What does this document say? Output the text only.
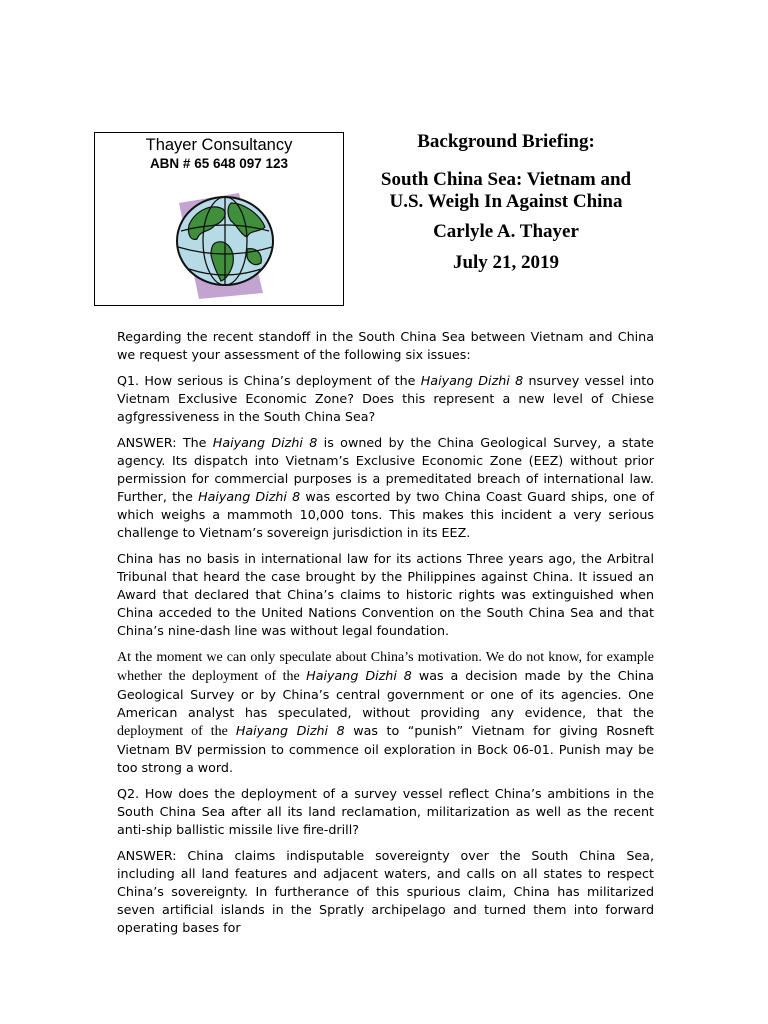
Thayer Consultancy
ABN # 65 648 097 123
Background Briefing:
South China Sea: Vietnam and
U.S. Weigh In Against China
Carlyle A. Thayer
July 21, 2019

Regarding the recent standoff in the South China Sea between Vietnam and China we request your assessment of the following six issues:

Q1. How serious is China’s deployment of the Haiyang Dizhi 8 nsurvey vessel into Vietnam Exclusive Economic Zone? Does this represent a new level of Chiese agfgressiveness in the South China Sea?

ANSWER: The Haiyang Dizhi 8 is owned by the China Geological Survey, a state agency. Its dispatch into Vietnam’s Exclusive Economic Zone (EEZ) without prior permission for commercial purposes is a premeditated breach of international law. Further, the Haiyang Dizhi 8 was escorted by two China Coast Guard ships, one of which weighs a mammoth 10,000 tons. This makes this incident a very serious challenge to Vietnam’s sovereign jurisdiction in its EEZ.

China has no basis in international law for its actions Three years ago, the Arbitral Tribunal that heard the case brought by the Philippines against China. It issued an Award that declared that China’s claims to historic rights was extinguished when China acceded to the United Nations Convention on the South China Sea and that China’s nine-dash line was without legal foundation.

At the moment we can only speculate about China’s motivation. We do not know, for example whether the deployment of the Haiyang Dizhi 8 was a decision made by the China Geological Survey or by China’s central government or one of its agencies. One American analyst has speculated, without providing any evidence, that the deployment of the Haiyang Dizhi 8 was to “punish” Vietnam for giving Rosneft Vietnam BV permission to commence oil exploration in Bock 06-01. Punish may be too strong a word.

Q2. How does the deployment of a survey vessel reflect China’s ambitions in the South China Sea after all its land reclamation, militarization as well as the recent anti-ship ballistic missile live fire-drill?

ANSWER: China claims indisputable sovereignty over the South China Sea, including all land features and adjacent waters, and calls on all states to respect China’s sovereignty. In furtherance of this spurious claim, China has militarized seven artificial islands in the Spratly archipelago and turned them into forward operating bases for
